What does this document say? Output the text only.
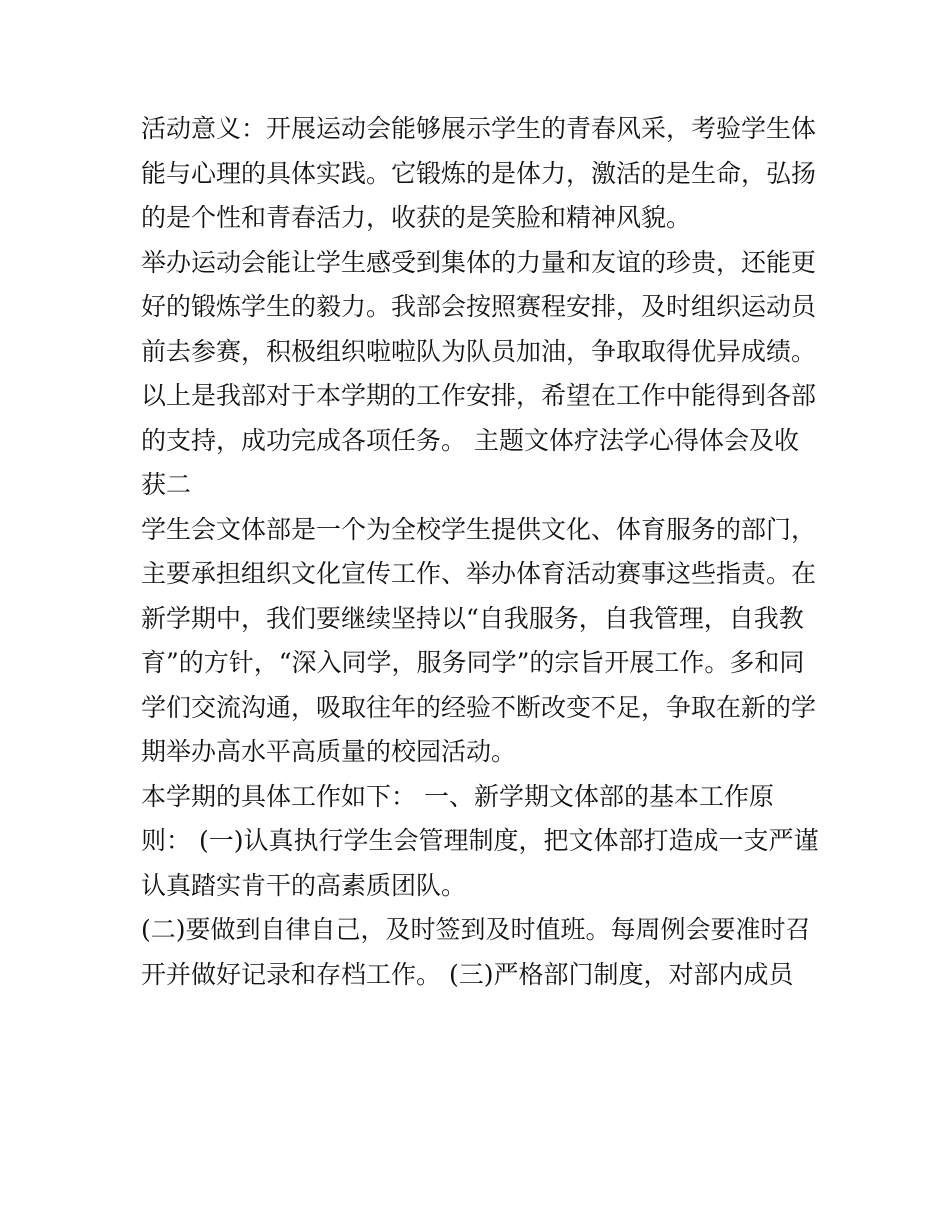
活动意义：开展运动会能够展示学生的青春风采，考验学生体能与心理的具体实践。它锻炼的是体力，激活的是生命，弘扬的是个性和青春活力，收获的是笑脸和精神风貌。

举办运动会能让学生感受到集体的力量和友谊的珍贵，还能更好的锻炼学生的毅力。我部会按照赛程安排，及时组织运动员前去参赛，积极组织啦啦队为队员加油，争取取得优异成绩。

以上是我部对于本学期的工作安排，希望在工作中能得到各部的支持，成功完成各项任务。 主题文体疗法学心得体会及收获二

学生会文体部是一个为全校学生提供文化、体育服务的部门，主要承担组织文化宣传工作、举办体育活动赛事这些指责。在新学期中，我们要继续坚持以“自我服务，自我管理，自我教育”的方针，“深入同学，服务同学”的宗旨开展工作。多和同学们交流沟通，吸取往年的经验不断改变不足，争取在新的学期举办高水平高质量的校园活动。

本学期的具体工作如下： 一、新学期文体部的基本工作原则： (一)认真执行学生会管理制度，把文体部打造成一支严谨认真踏实肯干的高素质团队。

(二)要做到自律自己，及时签到及时值班。每周例会要准时召开并做好记录和存档工作。 (三)严格部门制度，对部内成员
